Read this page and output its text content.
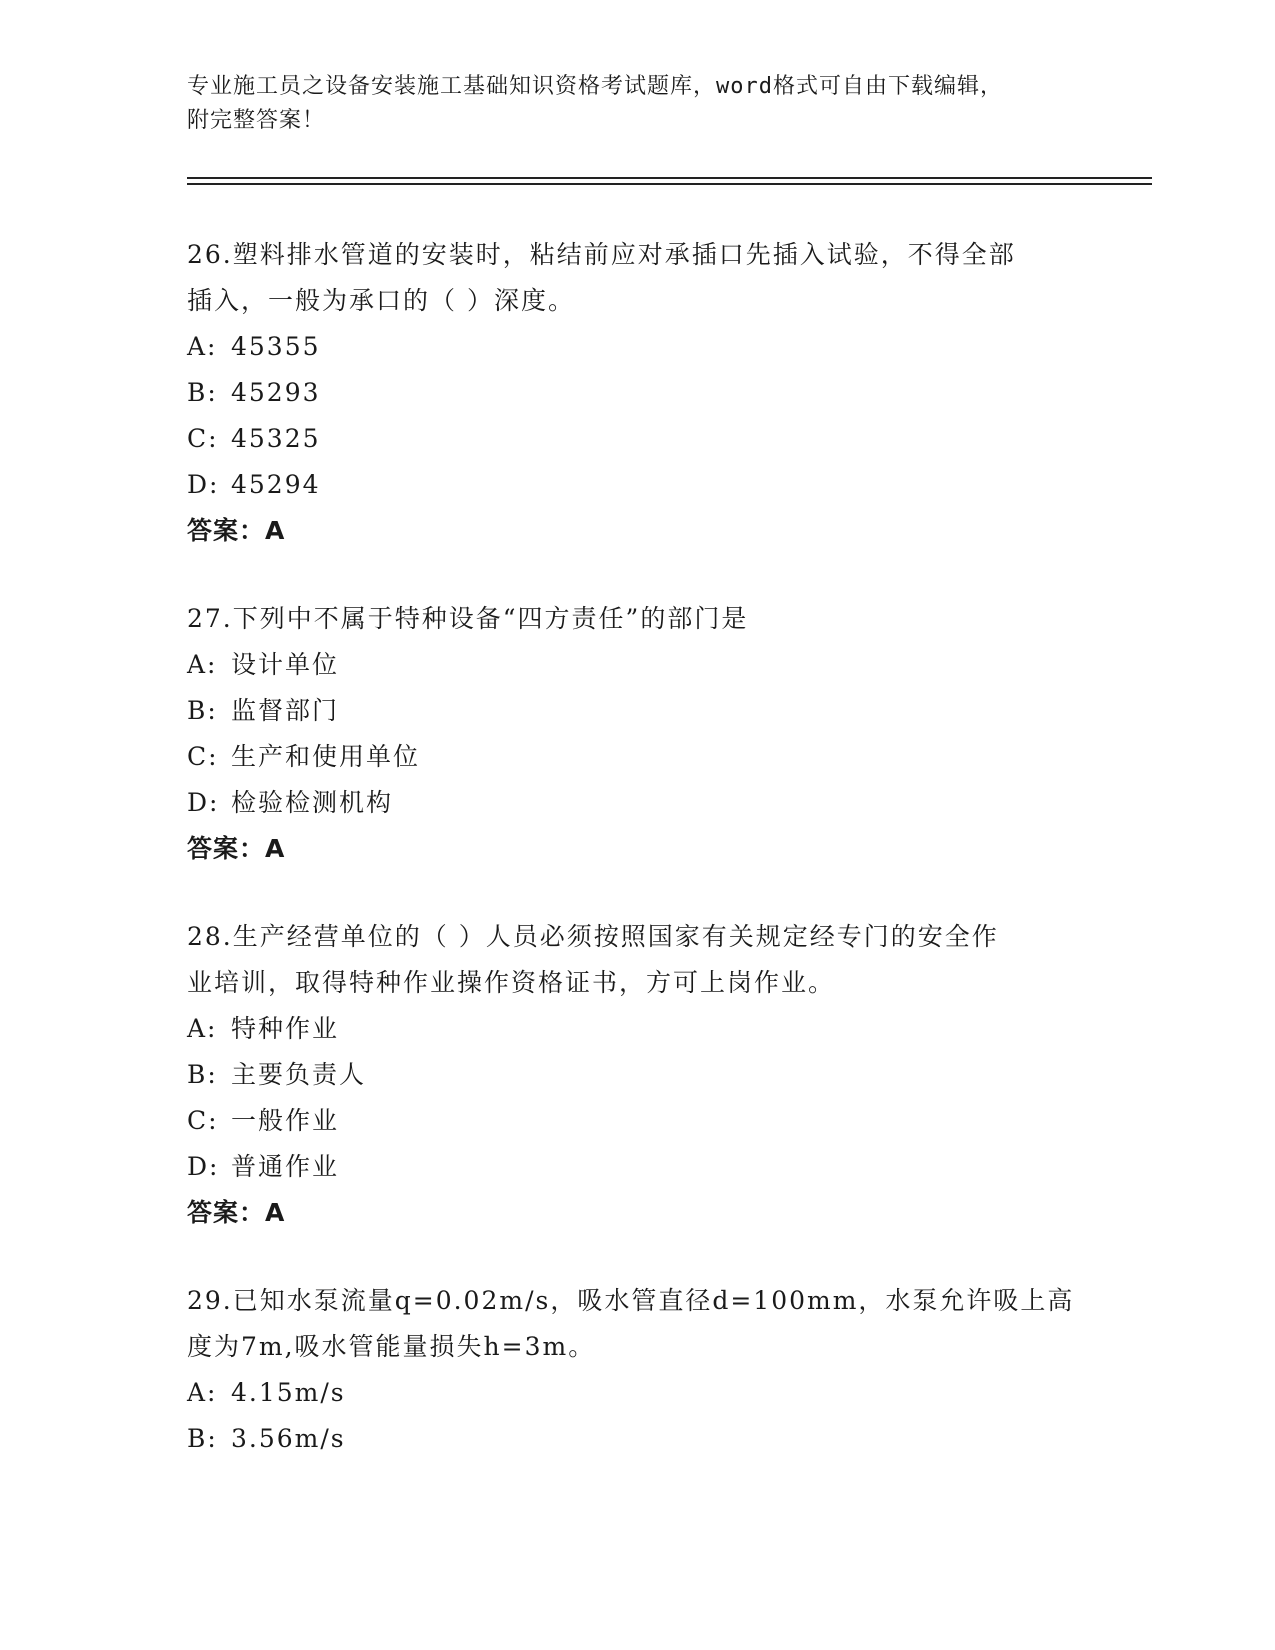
专业施工员之设备安装施工基础知识资格考试题库，word格式可自由下载编辑，
附完整答案！
26.塑料排水管道的安装时，粘结前应对承插口先插入试验，不得全部
插入，一般为承口的（ ）深度。
A: 45355
B: 45293
C: 45325
D: 45294
答案：A
27.下列中不属于特种设备“四方责任”的部门是
A: 设计单位
B: 监督部门
C: 生产和使用单位
D: 检验检测机构
答案：A
28.生产经营单位的（ ）人员必须按照国家有关规定经专门的安全作
业培训，取得特种作业操作资格证书，方可上岗作业。
A: 特种作业
B: 主要负责人
C: 一般作业
D: 普通作业
答案：A
29.已知水泵流量q=0.02m/s，吸水管直径d=100mm，水泵允许吸上高
度为7m,吸水管能量损失h=3m。
A: 4.15m/s
B: 3.56m/s
